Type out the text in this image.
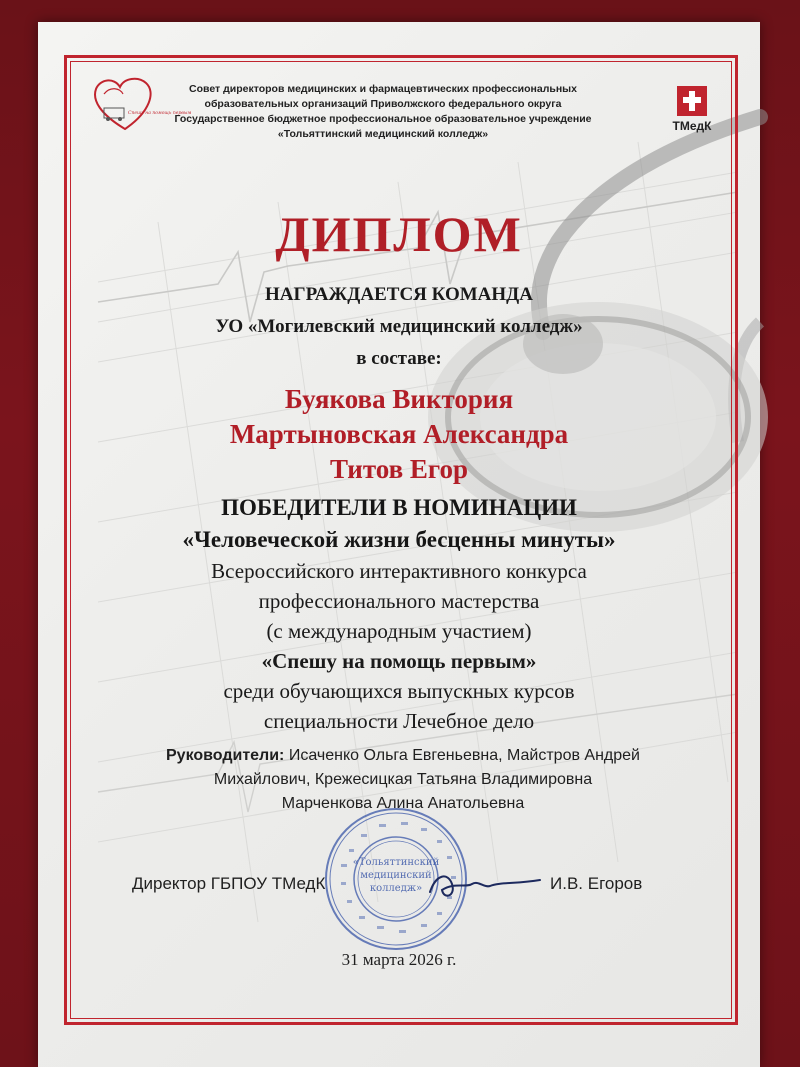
Спешу на помощь первым
Совет директоров медицинских и фармацевтических профессиональных
образовательных организаций Приволжского федерального округа
Государственное бюджетное профессиональное образовательное учреждение
«Тольяттинский медицинский колледж»
ТМедК
ДИПЛОМ
НАГРАЖДАЕТСЯ КОМАНДА
УО «Могилевский медицинский колледж»
в составе:
Буякова Виктория
Мартыновская Александра
Титов Егор
ПОБЕДИТЕЛИ В НОМИНАЦИИ
«Человеческой жизни бесценны минуты»
Всероссийского интерактивного конкурса
профессионального мастерства
(с международным участием)
«Спешу на помощь первым»
среди обучающихся выпускных курсов
специальности Лечебное дело
Руководители: Исаченко Ольга Евгеньевна, Майстров Андрей
Михайлович, Крежесицкая Татьяна Владимировна
Марченкова Алина Анатольевна
«Тольяттинский
медицинский
колледж»
Директор ГБПОУ ТМедК	И.В. Егоров
31 марта 2026 г.
